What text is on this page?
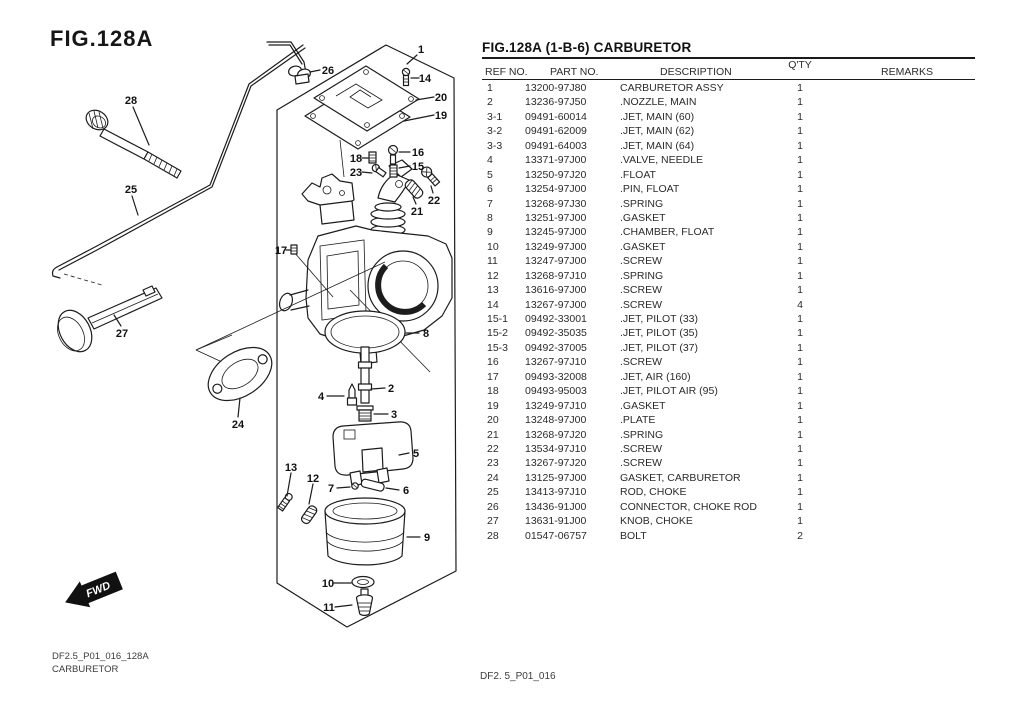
FIG.128A
FWD
1
14
20
19
26
28
25
18	16
23	15
21
22
17
8
2
4
3
5
13
12
7	6
9
10
11
24
27
FIG.128A (1-B-6) CARBURETOR
Q'TY
REF NO. PART NO.	DESCRIPTION	REMARKS
1	13200-97J80	CARBURETOR ASSY	1
2	13236-97J50	.NOZZLE, MAIN	1
3-1	09491-60014	.JET, MAIN (60)	1
3-2	09491-62009	.JET, MAIN (62)	1
3-3	09491-64003	.JET, MAIN (64)	1
4	13371-97J00	.VALVE, NEEDLE	1
5	13250-97J20	.FLOAT	1
6	13254-97J00	.PIN, FLOAT	1
7	13268-97J30	.SPRING	1
8	13251-97J00	.GASKET	1
9	13245-97J00	.CHAMBER, FLOAT	1
10	13249-97J00	.GASKET	1
11	13247-97J00	.SCREW	1
12	13268-97J10	.SPRING	1
13	13616-97J00	.SCREW	1
14	13267-97J00	.SCREW	4
15-1	09492-33001	.JET, PILOT (33)	1
15-2	09492-35035	.JET, PILOT (35)	1
15-3	09492-37005	.JET, PILOT (37)	1
16	13267-97J10	.SCREW	1
17	09493-32008	.JET, AIR (160)	1
18	09493-95003	.JET, PILOT AIR (95)	1
19	13249-97J10	.GASKET	1
20	13248-97J00	.PLATE	1
21	13268-97J20	.SPRING	1
22	13534-97J10	.SCREW	1
23	13267-97J20	.SCREW	1
24	13125-97J00	GASKET, CARBURETOR	1
25	13413-97J10	ROD, CHOKE	1
26	13436-91J00	CONNECTOR, CHOKE ROD	1
27	13631-91J00	KNOB, CHOKE	1
28	01547-06757	BOLT	2
DF2.5_P01_016_128A
CARBURETOR
DF2. 5_P01_016
